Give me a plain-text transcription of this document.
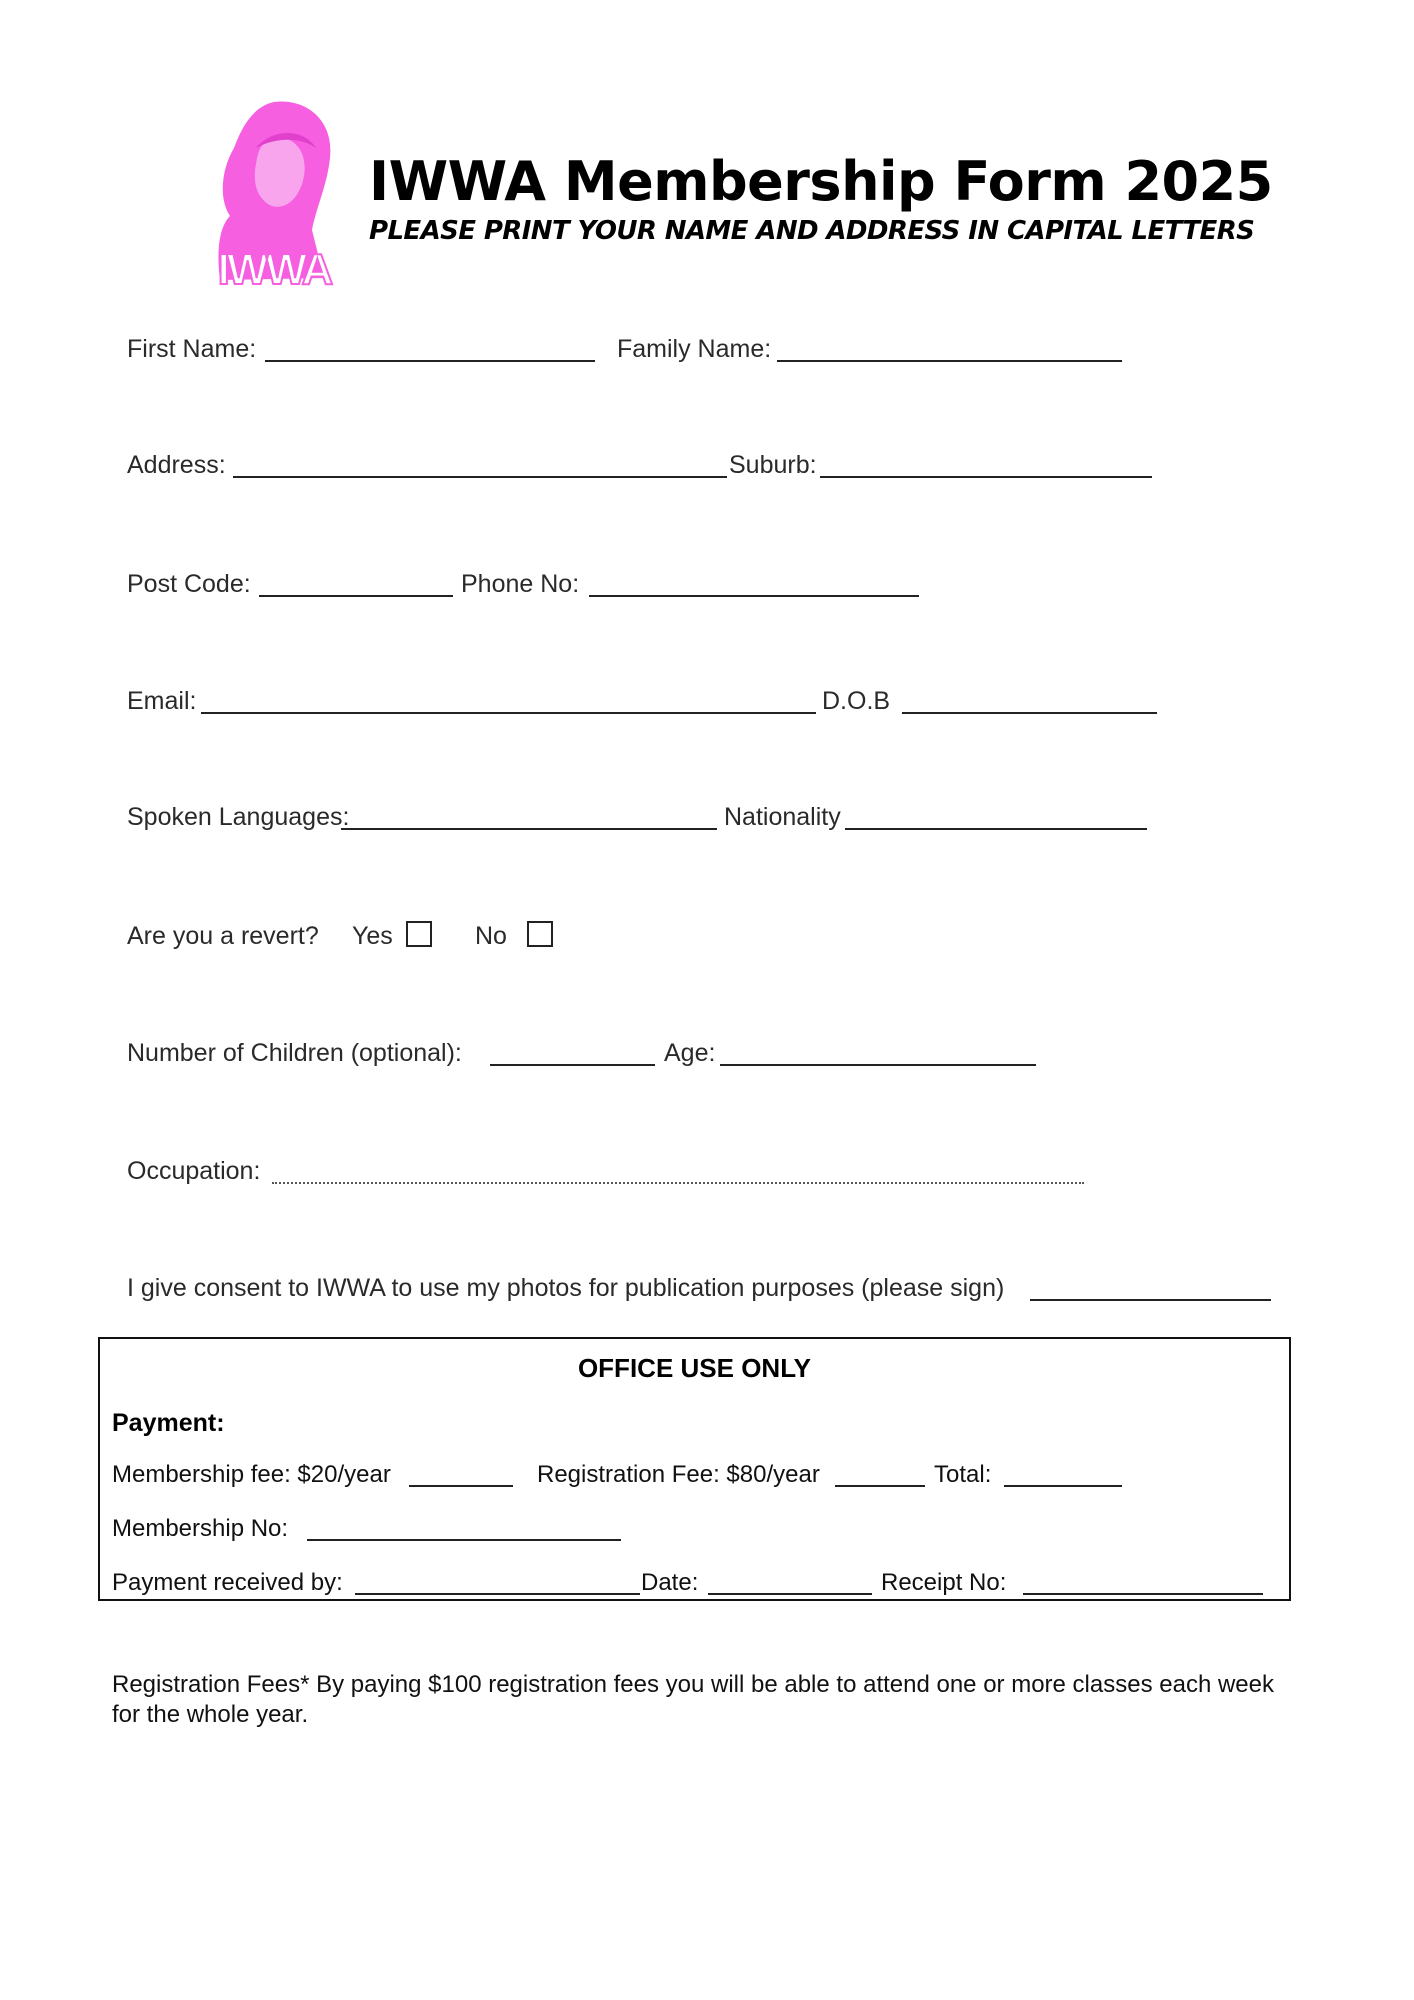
IWWA
IWWA Membership Form 2025
PLEASE PRINT YOUR NAME AND ADDRESS IN CAPITAL LETTERS
First Name:	Family Name:
Address:	Suburb:
Post Code:	Phone No:
Email:	D.O.B
Spoken Languages:	Nationality
Are you a revert? Yes	No
Number of Children (optional):	Age:
Occupation:
I give consent to IWWA to use my photos for publication purposes (please sign)
OFFICE USE ONLY
Payment:
Membership fee: $20/year	Registration Fee: $80/year	Total:
Membership No:
Payment received by:	Date:	Receipt No:
Registration Fees* By paying $100 registration fees you will be able to attend one or more classes each week for the whole year.
